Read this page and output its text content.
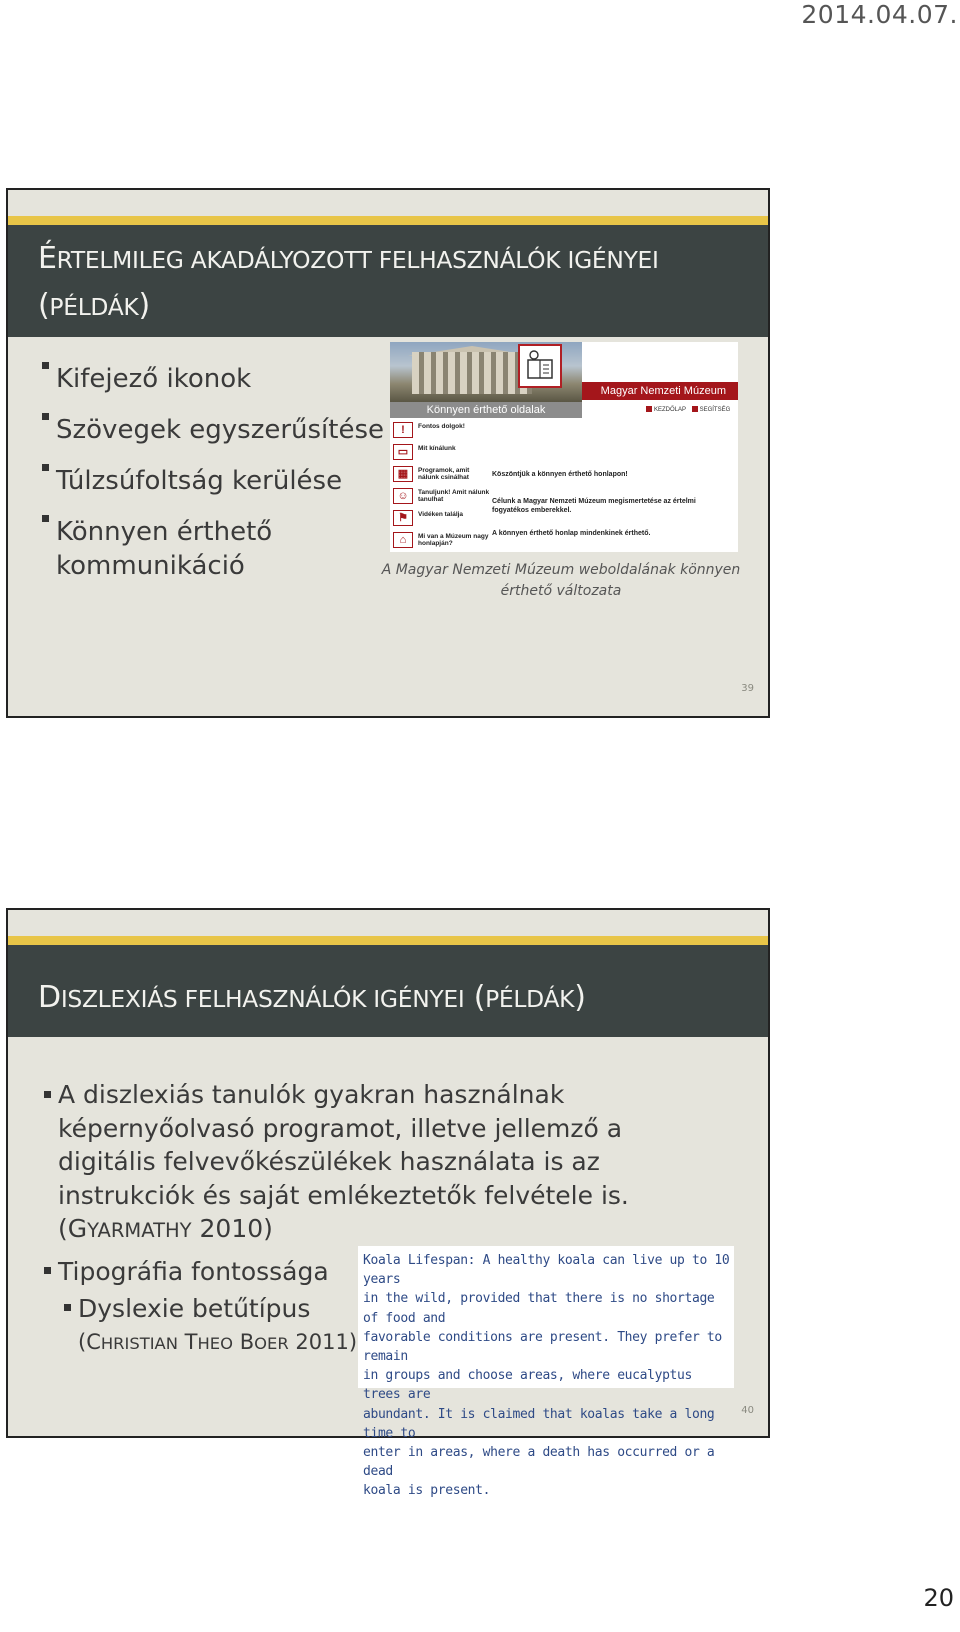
2014.04.07.
ÉRTELMILEG AKADÁLYOZOTT FELHASZNÁLÓK IGÉNYEI
(PÉLDÁK)
39
Kifejező ikonok
Szövegek egyszerűsítése
Túlzsúfoltság kerülése
Könnyen érthető
kommunikáció
Magyar Nemzeti Múzeum
Könnyen érthető oldalak	KEZDŐLAP SEGÍTSÉG
!	Fontos dolgok!
▭	Mit kínálunk
▦	Programok, amit nálunk csinálhat
☺	Tanuljunk! Amit nálunk tanulhat
⚑	Vidéken találja
⌂	Mi van a Múzeum nagy honlapján?

Köszöntjük a könnyen érthető honlapon!

Célunk a Magyar Nemzeti Múzeum megismertetése az értelmi fogyatékos emberekkel.

A könnyen érthető honlap mindenkinek érthető.

A Magyar Nemzeti Múzeum weboldalának könnyen érthető változata
DISZLEXIÁS FELHASZNÁLÓK IGÉNYEI (PÉLDÁK)
A diszlexiás tanulók gyakran használnak
képernyőolvasó programot, illetve jellemző a
digitális felvevőkészülékek használata is az
instrukciók és saját emlékeztetők felvétele is.
(GYARMATHY 2010)
Tipográfia fontossága
Dyslexie betűtípus
(CHRISTIAN THEO BOER 2011)
40
Koala Lifespan: A healthy koala can live up to 10 years
in the wild, provided that there is no shortage of food and
favorable conditions are present. They prefer to remain
in groups and choose areas, where eucalyptus trees are
abundant. It is claimed that koalas take a long time to
enter in areas, where a death has occurred or a dead
koala is present.
20
